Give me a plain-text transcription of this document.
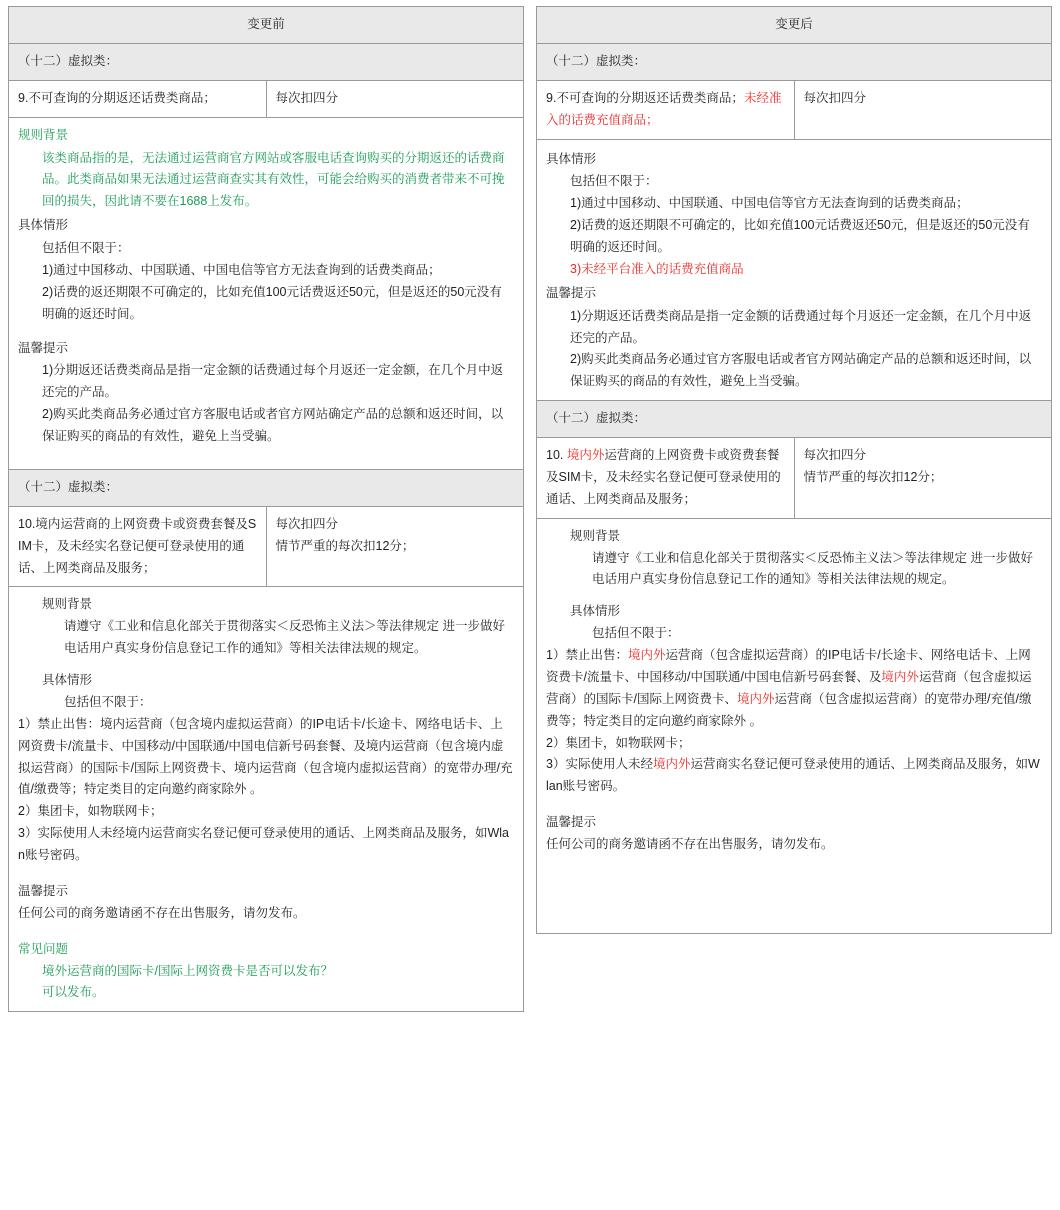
变更前	
（十二）虚拟类：	
9.不可查询的分期返还话费类商品；	每次扣四分

规则背景

该类商品指的是，无法通过运营商官方网站或客服电话查询购买的分期返还的话费商品。此类商品如果无法通过运营商查实其有效性，可能会给购买的消费者带来不可挽回的损失，因此请不要在1688上发布。

具体情形

包括但不限于：

1)通过中国移动、中国联通、中国电信等官方无法查询到的话费类商品；

2)话费的返还期限不可确定的，比如充值100元话费返还50元，但是返还的50元没有明确的返还时间。

温馨提示

1)分期返还话费类商品是指一定金额的话费通过每个月返还一定金额，在几个月中返还完的产品。

2)购买此类商品务必通过官方客服电话或者官方网站确定产品的总额和返还时间，以保证购买的商品的有效性，避免上当受骗。

（十二）虚拟类：	
10.境内运营商的上网资费卡或资费套餐及SIM卡，及未经实名登记便可登录使用的通话、上网类商品及服务；	每次扣四分

情节严重的每次扣12分；

规则背景

请遵守《工业和信息化部关于贯彻落实＜反恐怖主义法＞等法律规定 进一步做好电话用户真实身份信息登记工作的通知》等相关法律法规的规定。

具体情形

包括但不限于：

1）禁止出售：境内运营商（包含境内虚拟运营商）的IP电话卡/长途卡、网络电话卡、上网资费卡/流量卡、中国移动/中国联通/中国电信新号码套餐、及境内运营商（包含境内虚拟运营商）的国际卡/国际上网资费卡、境内运营商（包含境内虚拟运营商）的宽带办理/充值/缴费等；特定类目的定向邀约商家除外 。

2）集团卡，如物联网卡；

3）实际使用人未经境内运营商实名登记便可登录使用的通话、上网类商品及服务，如Wlan账号密码。

温馨提示

任何公司的商务邀请函不存在出售服务，请勿发布。

常见问题

境外运营商的国际卡/国际上网资费卡是否可以发布？

可以发布。

变更后	
（十二）虚拟类：	
9.不可查询的分期返还话费类商品；未经准入的话费充值商品；	每次扣四分

具体情形

包括但不限于：

1)通过中国移动、中国联通、中国电信等官方无法查询到的话费类商品；

2)话费的返还期限不可确定的，比如充值100元话费返还50元，但是返还的50元没有明确的返还时间。

3)未经平台准入的话费充值商品

温馨提示

1)分期返还话费类商品是指一定金额的话费通过每个月返还一定金额，在几个月中返还完的产品。

2)购买此类商品务必通过官方客服电话或者官方网站确定产品的总额和返还时间，以保证购买的商品的有效性，避免上当受骗。

（十二）虚拟类：	
10. 境内外运营商的上网资费卡或资费套餐及SIM卡，及未经实名登记便可登录使用的通话、上网类商品及服务；	每次扣四分

情节严重的每次扣12分；

规则背景

请遵守《工业和信息化部关于贯彻落实＜反恐怖主义法＞等法律规定 进一步做好电话用户真实身份信息登记工作的通知》等相关法律法规的规定。

具体情形

包括但不限于：

1）禁止出售：境内外运营商（包含虚拟运营商）的IP电话卡/长途卡、网络电话卡、上网资费卡/流量卡、中国移动/中国联通/中国电信新号码套餐、及境内外运营商（包含虚拟运营商）的国际卡/国际上网资费卡、境内外运营商（包含虚拟运营商）的宽带办理/充值/缴费等；特定类目的定向邀约商家除外 。

2）集团卡，如物联网卡；

3）实际使用人未经境内外运营商实名登记便可登录使用的通话、上网类商品及服务，如Wlan账号密码。

温馨提示

任何公司的商务邀请函不存在出售服务，请勿发布。
